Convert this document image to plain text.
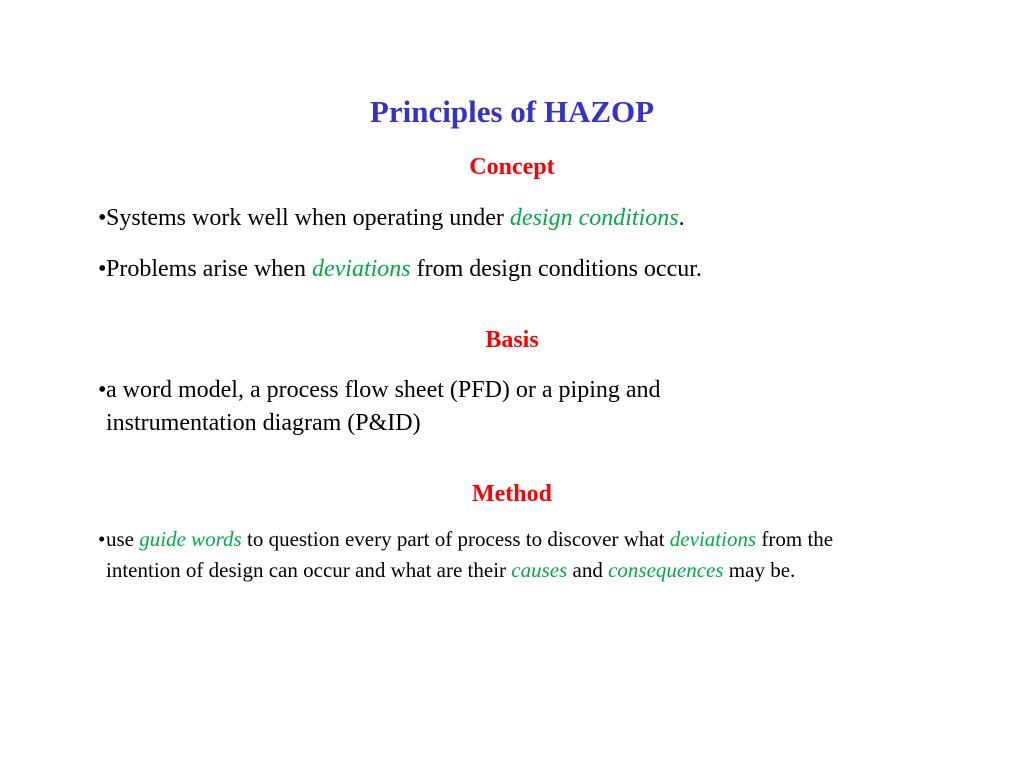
Principles of HAZOP
Concept

• Systems work well when operating under design conditions.

• Problems arise when deviations from design conditions occur.

Basis

• a word model, a process flow sheet (PFD) or a piping and instrumentation diagram (P&ID)

Method

• use guide words to question every part of process to discover what deviations from the intention of design can occur and what are their causes and consequences may be.
